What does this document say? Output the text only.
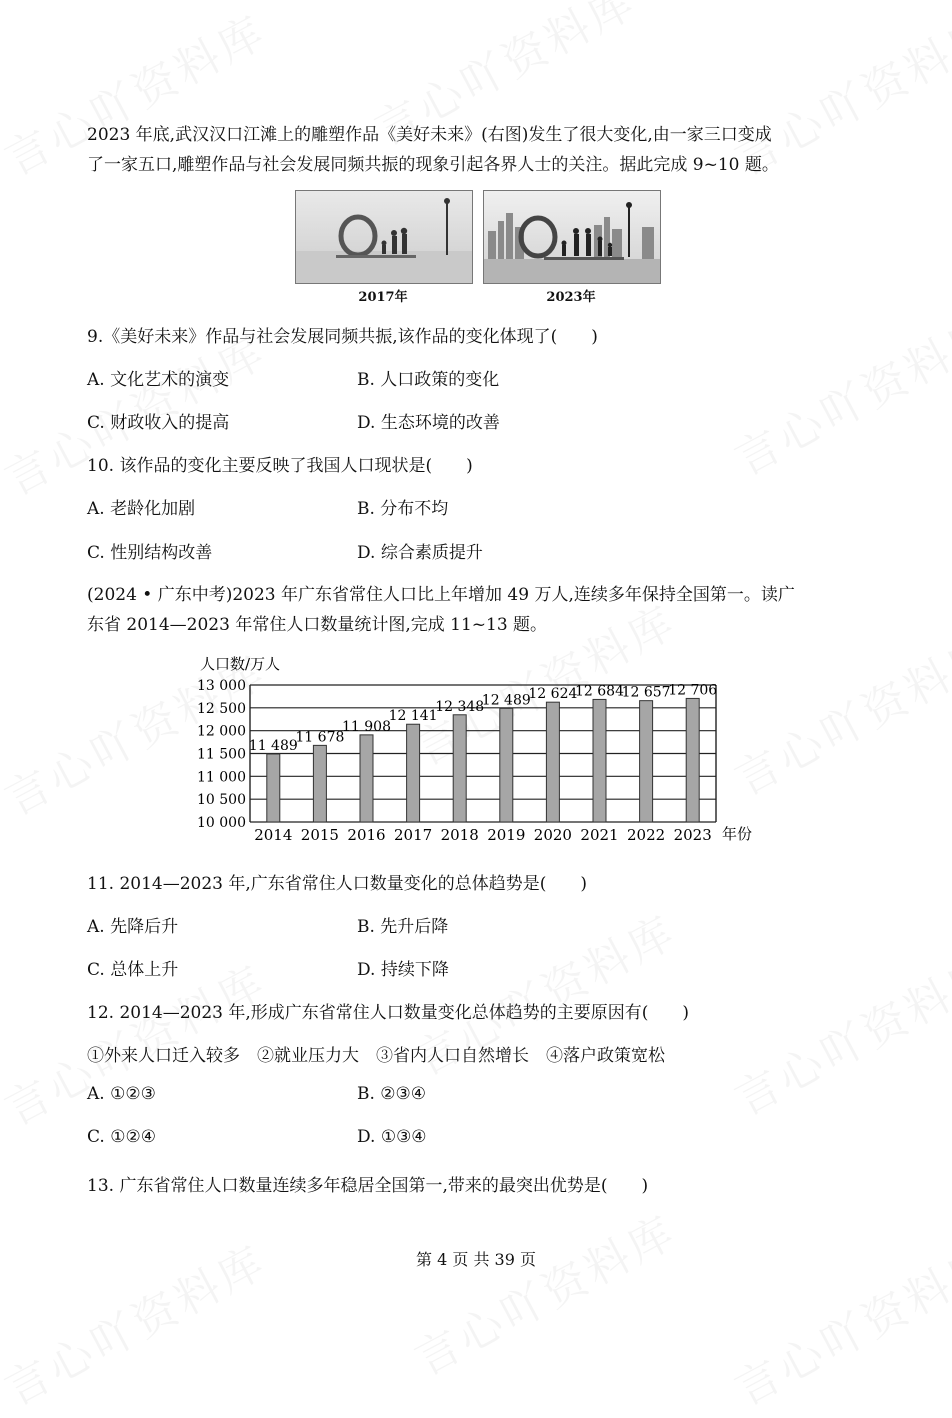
2023 年底,武汉汉口江滩上的雕塑作品《美好未来》(右图)发生了很大变化,由一家三口变成
了一家五口,雕塑作品与社会发展同频共振的现象引起各界人士的关注。据此完成 9~10 题。
2017年	2023年
9.《美好未来》作品与社会发展同频共振,该作品的变化体现了(　　)
A. 文化艺术的演变	B. 人口政策的变化
C. 财政收入的提高	D. 生态环境的改善
10. 该作品的变化主要反映了我国人口现状是(　　)
A. 老龄化加剧	B. 分布不均
C. 性别结构改善	D. 综合素质提升
(2024 • 广东中考)2023 年广东省常住人口比上年增加 49 万人,连续多年保持全国第一。读广
东省 2014—2023 年常住人口数量统计图,完成 11~13 题。
人口数/万人
年份
10 000
10 500
11 000
11 500
12 000
12 500
13 000
2014 2015 2016 2017 2018 2019 2020 2021 2022 2023
11 489
11 678
11 908
12 141
12 348
12 489
12 624
12 684
12 657
12 706
11. 2014—2023 年,广东省常住人口数量变化的总体趋势是(　　)
A. 先降后升	B. 先升后降
C. 总体上升	D. 持续下降
12. 2014—2023 年,形成广东省常住人口数量变化总体趋势的主要原因有(　　)
①外来人口迁入较多　②就业压力大　③省内人口自然增长　④落户政策宽松
A. ①②③	B. ②③④
C. ①②④	D. ①③④
13. 广东省常住人口数量连续多年稳居全国第一,带来的最突出优势是(　　)
第 4 页 共 39 页
